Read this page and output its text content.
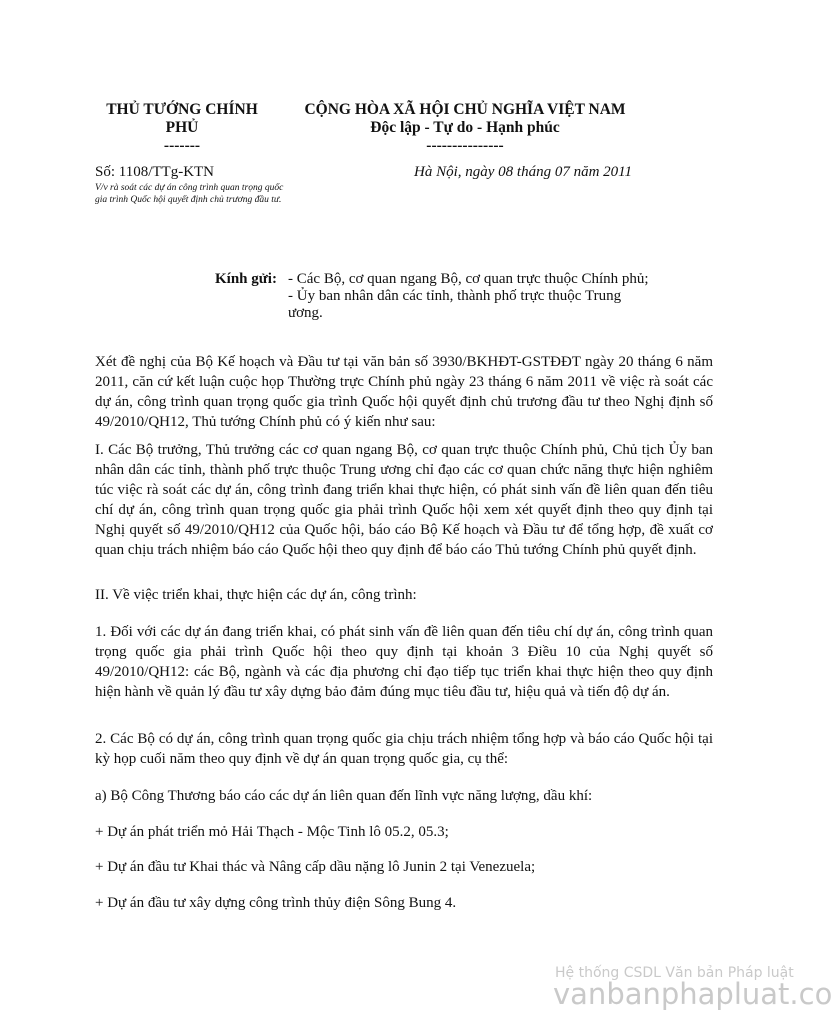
THỦ TƯỚNG CHÍNH
PHỦ
-------
CỘNG HÒA XÃ HỘI CHỦ NGHĨA VIỆT NAM
Độc lập - Tự do - Hạnh phúc
---------------
Số: 1108/TTg-KTN
V/v rà soát các dự án công trình quan trọng quốc gia trình Quốc hội quyết định chủ trương đầu tư.
Hà Nội, ngày 08 tháng 07 năm 2011
Kính gửi: - Các Bộ, cơ quan ngang Bộ, cơ quan trực thuộc Chính phủ;
- Ủy ban nhân dân các tỉnh, thành phố trực thuộc Trung ương.
Xét đề nghị của Bộ Kế hoạch và Đầu tư tại văn bản số 3930/BKHĐT-GSTĐĐT ngày 20 tháng 6 năm 2011, căn cứ kết luận cuộc họp Thường trực Chính phủ ngày 23 tháng 6 năm 2011 về việc rà soát các dự án, công trình quan trọng quốc gia trình Quốc hội quyết định chủ trương đầu tư theo Nghị định số 49/2010/QH12, Thủ tướng Chính phủ có ý kiến như sau:
I. Các Bộ trưởng, Thủ trưởng các cơ quan ngang Bộ, cơ quan trực thuộc Chính phủ, Chủ tịch Ủy ban nhân dân các tỉnh, thành phố trực thuộc Trung ương chỉ đạo các cơ quan chức năng thực hiện nghiêm túc việc rà soát các dự án, công trình đang triển khai thực hiện, có phát sinh vấn đề liên quan đến tiêu chí dự án, công trình quan trọng quốc gia phải trình Quốc hội xem xét quyết định theo quy định tại Nghị quyết số 49/2010/QH12 của Quốc hội, báo cáo Bộ Kế hoạch và Đầu tư để tổng hợp, đề xuất cơ quan chịu trách nhiệm báo cáo Quốc hội theo quy định để báo cáo Thủ tướng Chính phủ quyết định.
II. Về việc triển khai, thực hiện các dự án, công trình:
1. Đối với các dự án đang triển khai, có phát sinh vấn đề liên quan đến tiêu chí dự án, công trình quan trọng quốc gia phải trình Quốc hội theo quy định tại khoản 3 Điều 10 của Nghị quyết số 49/2010/QH12: các Bộ, ngành và các địa phương chỉ đạo tiếp tục triển khai thực hiện theo quy định hiện hành về quản lý đầu tư xây dựng bảo đảm đúng mục tiêu đầu tư, hiệu quả và tiến độ dự án.
2. Các Bộ có dự án, công trình quan trọng quốc gia chịu trách nhiệm tổng hợp và báo cáo Quốc hội tại kỳ họp cuối năm theo quy định về dự án quan trọng quốc gia, cụ thể:
a) Bộ Công Thương báo cáo các dự án liên quan đến lĩnh vực năng lượng, dầu khí:
+ Dự án phát triển mỏ Hải Thạch - Mộc Tinh lô 05.2, 05.3;
+ Dự án đầu tư Khai thác và Nâng cấp dầu nặng lô Junin 2 tại Venezuela;
+ Dự án đầu tư xây dựng công trình thủy điện Sông Bung 4.
Hệ thống CSDL Văn bản Pháp luật
vanbanphapluat.co
